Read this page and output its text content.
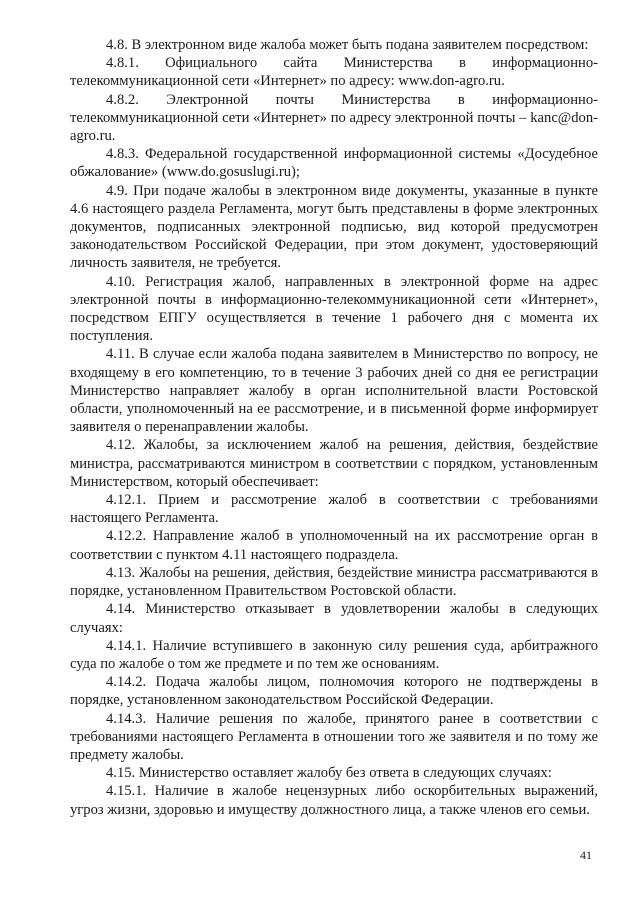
4.8. В электронном виде жалоба может быть подана заявителем посредством:

4.8.1. Официального сайта Министерства в информационно-телекоммуникационной сети «Интернет» по адресу: www.don-agro.ru.

4.8.2. Электронной почты Министерства в информационно-телекоммуникационной сети «Интернет» по адресу электронной почты – kanc@don-agro.ru.

4.8.3. Федеральной государственной информационной системы «Досудебное обжалование» (www.do.gosuslugi.ru);

4.9. При подаче жалобы в электронном виде документы, указанные в пункте 4.6 настоящего раздела Регламента, могут быть представлены в форме электронных документов, подписанных электронной подписью, вид которой предусмотрен законодательством Российской Федерации, при этом документ, удостоверяющий личность заявителя, не требуется.

4.10. Регистрация жалоб, направленных в электронной форме на адрес электронной почты в информационно-телекоммуникационной сети «Интернет», посредством ЕПГУ осуществляется в течение 1 рабочего дня с момента их поступления.

4.11. В случае если жалоба подана заявителем в Министерство по вопросу, не входящему в его компетенцию, то в течение 3 рабочих дней со дня ее регистрации Министерство направляет жалобу в орган исполнительной власти Ростовской области, уполномоченный на ее рассмотрение, и в письменной форме информирует заявителя о перенаправлении жалобы.

4.12. Жалобы, за исключением жалоб на решения, действия, бездействие министра, рассматриваются министром в соответствии с порядком, установленным Министерством, который обеспечивает:

4.12.1. Прием и рассмотрение жалоб в соответствии с требованиями настоящего Регламента.

4.12.2. Направление жалоб в уполномоченный на их рассмотрение орган в соответствии с пунктом 4.11 настоящего подраздела.

4.13. Жалобы на решения, действия, бездействие министра рассматриваются в порядке, установленном Правительством Ростовской области.

4.14. Министерство отказывает в удовлетворении жалобы в следующих случаях:

4.14.1. Наличие вступившего в законную силу решения суда, арбитражного суда по жалобе о том же предмете и по тем же основаниям.

4.14.2. Подача жалобы лицом, полномочия которого не подтверждены в порядке, установленном законодательством Российской Федерации.

4.14.3. Наличие решения по жалобе, принятого ранее в соответствии с требованиями настоящего Регламента в отношении того же заявителя и по тому же предмету жалобы.

4.15. Министерство оставляет жалобу без ответа в следующих случаях:

4.15.1. Наличие в жалобе нецензурных либо оскорбительных выражений, угроз жизни, здоровью и имуществу должностного лица, а также членов его семьи.

41
